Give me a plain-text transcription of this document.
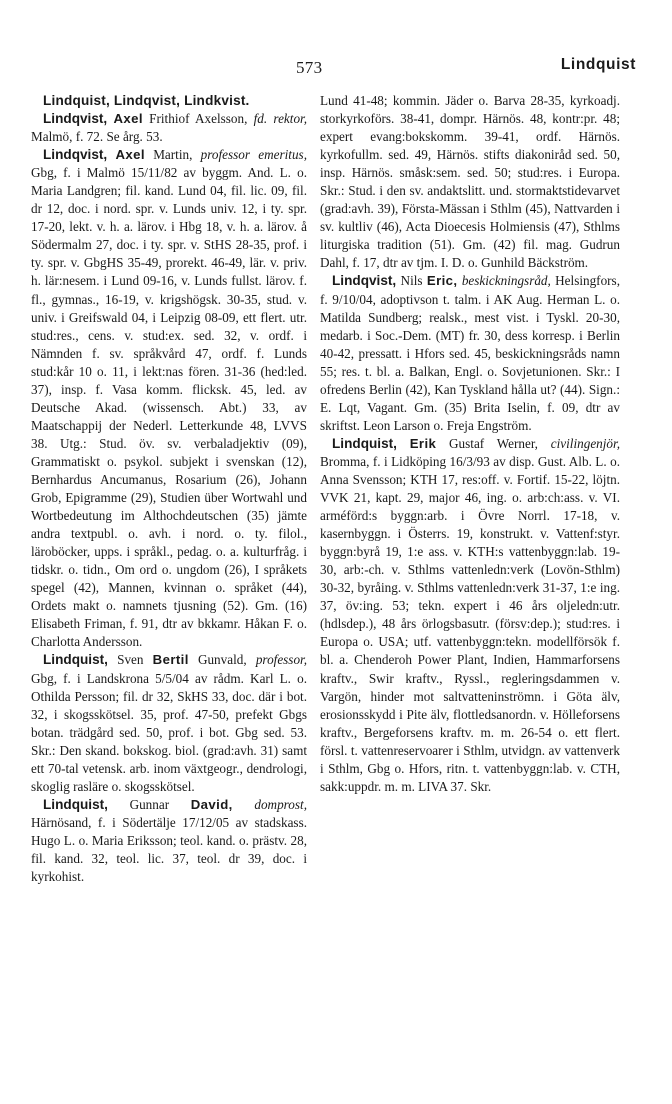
573	Lindquist
Lindquist, Lindqvist, Lindkvist.
Lindqvist, Axel Frithiof Axelsson, fd. rektor, Malmö, f. 72. Se årg. 53.
Lindqvist, Axel Martin, professor emeritus, Gbg, f. i Malmö 15/11/82 av byggm. And. L. o. Maria Landgren; fil. kand. Lund 04, fil. lic. 09, fil. dr 12, doc. i nord. spr. v. Lunds univ. 12, i ty. spr. 17-20, lekt. v. h. a. lärov. i Hbg 18, v. h. a. lärov. å Södermalm 27, doc. i ty. spr. v. StHS 28-35, prof. i ty. spr. v. GbgHS 35-49, prorekt. 46-49, lär. v. priv. h. lär:nesem. i Lund 09-16, v. Lunds fullst. lärov. f. fl., gymnas., 16-19, v. krigshögsk. 30-35, stud. v. univ. i Greifswald 04, i Leipzig 08-09, ett flert. utr. stud:res., cens. v. stud:ex. sed. 32, v. ordf. i Nämnden f. sv. språkvård 47, ordf. f. Lunds stud:kår 10 o. 11, i lekt:nas fören. 31-36 (hed:led. 37), insp. f. Vasa komm. flicksk. 45, led. av Deutsche Akad. (wissensch. Abt.) 33, av Maatschappij der Nederl. Letterkunde 48, LVVS 38. Utg.: Stud. öv. sv. verbaladjektiv (09), Grammatiskt o. psykol. subjekt i svenskan (12), Bernhardus Ancumanus, Rosarium (26), Johann Grob, Epigramme (29), Studien über Wortwahl und Wortbedeutung im Althochdeutschen (35) jämte andra textpubl. o. avh. i nord. o. ty. filol., läroböcker, upps. i språkl., pedag. o. a. kulturfråg. i tidskr. o. tidn., Om ord o. ungdom (26), I språkets spegel (42), Mannen, kvinnan o. språket (44), Ordets makt o. namnets tjusning (52). Gm. (16) Elisabeth Friman, f. 91, dtr av bkkamr. Håkan F. o. Charlotta Andersson.
Lindquist, Sven Bertil Gunvald, professor, Gbg, f. i Landskrona 5/5/04 av rådm. Karl L. o. Othilda Persson; fil. dr 32, SkHS 33, doc. där i bot. 32, i skogsskötsel. 35, prof. 47-50, prefekt Gbgs botan. trädgård sed. 50, prof. i bot. Gbg sed. 53. Skr.: Den skand. bokskog. biol. (grad:avh. 31) samt ett 70-tal vetensk. arb. inom växtgeogr., dendrologi, skoglig rasläre o. skogsskötsel.
Lindquist, Gunnar David, domprost, Härnösand, f. i Södertälje 17/12/05 av stadskass. Hugo L. o. Maria Eriksson; teol. kand. o. prästv. 28, fil. kand. 32, teol. lic. 37, teol. dr 39, doc. i kyrkohist.
Lund 41-48; kommin. Jäder o. Barva 28-35, kyrkoadj. storkyrkoförs. 38-41, dompr. Härnös. 48, kontr:pr. 48; expert evang:bokskomm. 39-41, ordf. Härnös. kyrkofullm. sed. 49, Härnös. stifts diakoniråd sed. 50, insp. Härnös. småsk:sem. sed. 50; stud:res. i Europa. Skr.: Stud. i den sv. andaktslitt. und. stormaktstidevarvet (grad:avh. 39), Första-Mässan i Sthlm (45), Nattvarden i sv. kultliv (46), Acta Dioecesis Holmiensis (47), Sthlms liturgiska tradition (51). Gm. (42) fil. mag. Gudrun Dahl, f. 17, dtr av tjm. I. D. o. Gunhild Bäckström.
Lindqvist, Nils Eric, beskickningsråd, Helsingfors, f. 9/10/04, adoptivson t. talm. i AK Aug. Herman L. o. Matilda Sundberg; realsk., mest vist. i Tyskl. 20-30, medarb. i Soc.-Dem. (MT) fr. 30, dess korresp. i Berlin 40-42, pressatt. i Hfors sed. 45, beskickningsråds namn 55; res. t. bl. a. Balkan, Engl. o. Sovjetunionen. Skr.: I ofredens Berlin (42), Kan Tyskland hålla ut? (44). Sign.: E. Lqt, Vagant. Gm. (35) Brita Iselin, f. 09, dtr av skriftst. Leon Larson o. Freja Engström.
Lindquist, Erik Gustaf Werner, civilingenjör, Bromma, f. i Lidköping 16/3/93 av disp. Gust. Alb. L. o. Anna Svensson; KTH 17, res:off. v. Fortif. 15-22, löjtn. VVK 21, kapt. 29, major 46, ing. o. arb:ch:ass. v. VI. arméförd:s byggn:arb. i Övre Norrl. 17-18, v. kasernbyggn. i Österrs. 19, konstrukt. v. Vattenf:styr. byggn:byrå 19, 1:e ass. v. KTH:s vattenbyggn:lab. 19-30, arb:-ch. v. Sthlms vattenledn:verk (Lovön-Sthlm) 30-32, byråing. v. Sthlms vattenledn:verk 31-37, 1:e ing. 37, öv:ing. 53; tekn. expert i 46 års oljeledn:utr. (hdlsdep.), 48 års örlogsbasutr. (försv:dep.); stud:res. i Europa o. USA; utf. vattenbyggn:tekn. modellförsök f. bl. a. Chenderoh Power Plant, Indien, Hammarforsens kraftv., Swir kraftv., Ryssl., regleringsdammen v. Vargön, hinder mot saltvatteninströmn. i Göta älv, erosionsskydd i Pite älv, flottledsanordn. v. Hölleforsens kraftv., Bergeforsens kraftv. m. m. 26-54 o. ett flert. försl. t. vattenreservoarer i Sthlm, utvidgn. av vattenverk i Sthlm, Gbg o. Hfors, ritn. t. vattenbyggn:lab. v. CTH, sakk:uppdr. m. m. LIVA 37. Skr.
